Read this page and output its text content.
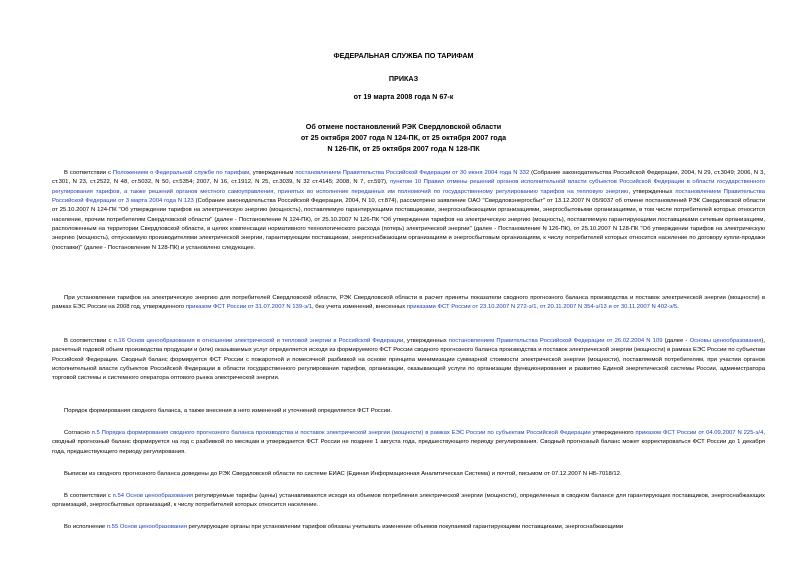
ФЕДЕРАЛЬНАЯ СЛУЖБА ПО ТАРИФАМ
ПРИКАЗ
от 19 марта 2008 года N 67-к
Об отмене постановлений РЭК Свердловской области
от 25 октября 2007 года N 124-ПК, от 25 октября 2007 года
N 126-ПК, от 25 октября 2007 года N 128-ПК
В соответствии с Положением о Федеральной службе по тарифам, утвержденным постановлением Правительства Российской Федерации от 30 июня 2004 года N 332 (Собрание законодательства Российской Федерации, 2004, N 29, ст.3049; 2006, N 3, ст.301, N 23, ст.2522, N 48, ст.5032, N 50, ст.5354; 2007, N 16, ст.1912, N 25, ст.3039, N 32 ст.4145; 2008, N 7, ст.597), пунктом 10 Правил отмены решений органов исполнительной власти субъектов Российской Федерации в области государственного регулирования тарифов, а также решений органов местного самоуправления, принятых во исполнение переданных им полномочий по государственному регулированию тарифов на тепловую энергию, утвержденных постановлением Правительства Российской Федерации от 3 марта 2004 года N 123 (Собрание законодательства Российской Федерации, 2004, N 10, ст.874), рассмотрено заявление ОАО "Свердловэнергосбыт" от 13.12.2007 N 05/9037 об отмене постановлений РЭК Свердловской области от 25.10.2007 N 124-ПК "Об утверждении тарифов на электрическую энергию (мощность), поставляемую гарантирующими поставщиками, энергоснабжающими организациями, энергосбытовыми организациями, в том числе потребителей которых относится население, прочим потребителям Свердловской области" (далее - Постановление N 124-ПК), от 25.10.2007 N 126-ПК "Об утверждении тарифов на электрическую энергию (мощность), поставляемую гарантирующими поставщиками сетевым организациям, расположенным на территории Свердловской области, в целях компенсации нормативного технологического расхода (потерь) электрической энергии" (далее - Постановление N 126-ПК), от 25.10.2007 N 128-ПК "Об утверждении тарифов на электрическую энергию (мощность), отпускаемую производителями электрической энергии, гарантирующим поставщикам, энергоснабжающим организациям и энергосбытовым организациям, к числу потребителей которых относится население по договору купли-продажи (поставки)" (далее - Постановление N 128-ПК) и установлено следующее.
При установлении тарифов на электрическую энергию для потребителей Свердловской области, РЭК Свердловской области в расчет приняты показатели сводного прогнозного баланса производства и поставок электрической энергии (мощности) в рамках ЕЭС России на 2008 год, утвержденного приказом ФСТ России от 31.07.2007 N 139-э/1, без учета изменений, внесенных приказами ФСТ России от 23.10.2007 N 272-э/1, от 20.11.2007 N 354-э/13 и от 30.11.2007 N 402-э/5.
В соответствии с п.16 Основ ценообразования в отношении электрической и тепловой энергии в Российской Федерации, утвержденных постановлением Правительства Российской Федерации от 26.02.2004 N 109 (далее - Основы ценообразования), расчетный годовой объем производства продукции и (или) оказываемых услуг определяется исходя из формируемого ФСТ России сводного прогнозного баланса производства и поставок электрической энергии (мощности) в рамках ЕЭС России по субъектам Российской Федерации. Сводный баланс формируется ФСТ России с пожаротной и помесячной разбивкой на основе принципа минимизации суммарной стоимости электрической энергии (мощности), поставляемой потребителям, при участии органов исполнительной власти субъектов Российской Федерации в области государственного регулирования тарифов, организации, оказывающей услуги по организации функционирования и развитию Единой энергетической системы России, администратора торговой системы и системного оператора оптового рынка электрической энергии.
Порядок формирования сводного баланса, а также внесения в него изменений и уточнений определяется ФСТ России.
Согласно п.5 Порядка формирования сводного прогнозного баланса производства и поставок электрической энергии (мощности) в рамках ЕЭС России по субъектам Российской Федерации утвержденного приказом ФСТ России от 04.09.2007 N 225-э/4, сводный прогнозный баланс формируется на год с разбивкой по месяцам и утверждается ФСТ России не позднее 1 августа года, предшествующего периоду регулирования. Сводный прогнозный баланс может корректироваться ФСТ России до 1 декабря года, предшествующего периоду регулирования.
Выписки из сводного прогнозного баланса доведены до РЭК Свердловской области по системе ЕИАС (Единая Информационная Аналитическая Система) и почтой, письмом от 07.12.2007 N НБ-7018/12.
В соответствии с п.54 Основ ценообразования регулируемые тарифы (цены) устанавливаются исходя из объемов потребления электрической энергии (мощности), определенных в сводном балансе для гарантирующих поставщиков, энергоснабжающих организаций, энергосбытовых организаций, к числу потребителей которых относится население.
Во исполнение п.55 Основ ценообразования регулирующие органы при установлении тарифов обязаны учитывать изменение объемов покупаемой гарантирующими поставщиками, энергоснабжающими
